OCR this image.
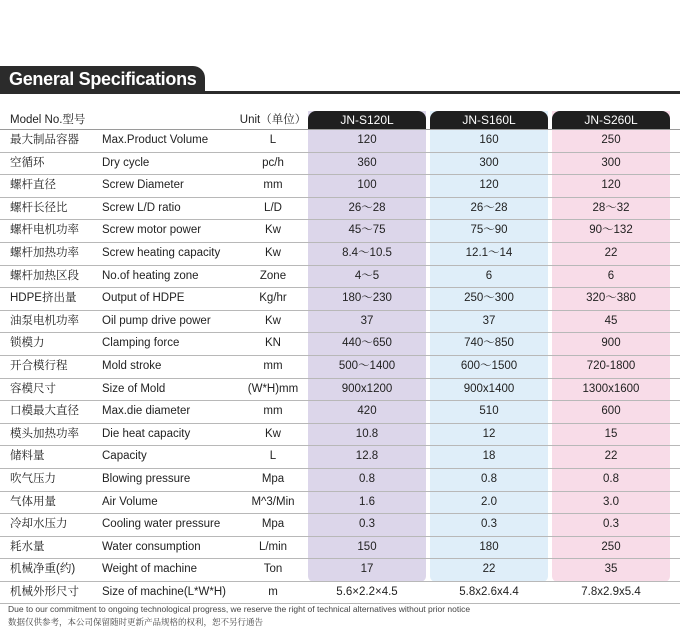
General Specifications
JN-S120L	JN-S160L	JN-S260L
Model No.型号	Unit（单位）
最大制品容器 Max.Product Volume	L	120	160	250
空循环	Dry cycle	pc/h	360	300	300
螺杆直径	Screw Diameter	mm	100	120	120
螺杆长径比	Screw L/D ratio	L/D	26～28	26～28	28～32
螺杆电机功率 Screw motor power	Kw	45～75	75～90	90～132
螺杆加热功率 Screw heating capacity	Kw	8.4～10.5	12.1～14	22
螺杆加热区段 No.of heating zone	Zone	4～5	6	6
HDPE挤出量 Output of HDPE	Kg/hr	180～230	250～300	320～380
油泵电机功率 Oil pump drive power	Kw	37	37	45
锁模力	Clamping force	KN	440～650	740～850	900
开合模行程	Mold stroke	mm	500～1400	600～1500	720-1800
容模尺寸	Size of Mold	(W*H)mm	900x1200	900x1400	1300x1600
口模最大直径 Max.die diameter	mm	420	510	600
模头加热功率 Die heat capacity	Kw	10.8	12	15
储料量	Capacity	L	12.8	18	22
吹气压力	Blowing pressure	Mpa	0.8	0.8	0.8
气体用量	Air Volume	M^3/Min	1.6	2.0	3.0
冷却水压力	Cooling water pressure	Mpa	0.3	0.3	0.3
耗水量	Water consumption	L/min	150	180	250
机械净重(约) Weight of machine	Ton	17	22	35
机械外形尺寸 Size of machine(L*W*H)	m	5.6×2.2×4.5	5.8x2.6x4.4	7.8x2.9x5.4
Due to our commitment to ongoing technological progress, we reserve the right of technical alternatives without prior notice
数据仅供参考，本公司保留随时更新产品规格的权利，恕不另行通告
